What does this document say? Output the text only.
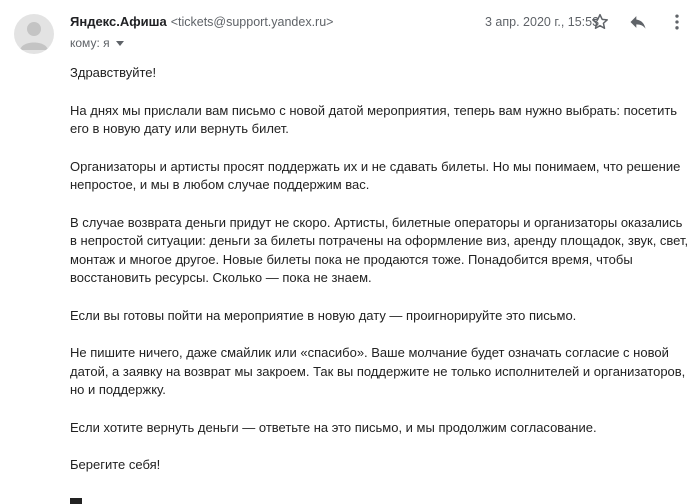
Яндекс.Афиша <tickets@support.yandex.ru>
кому: я
3 апр. 2020 г., 15:53

Здравствуйте!

На днях мы прислали вам письмо с новой датой мероприятия, теперь вам нужно выбрать: посетить его в новую дату или вернуть билет.

Организаторы и артисты просят поддержать их и не сдавать билеты. Но мы понимаем, что решение непростое, и мы в любом случае поддержим вас.

В случае возврата деньги придут не скоро. Артисты, билетные операторы и организаторы оказались в непростой ситуации: деньги за билеты потрачены на оформление виз, аренду площадок, звук, свет, монтаж и многое другое. Новые билеты пока не продаются тоже. Понадобится время, чтобы восстановить ресурсы. Сколько — пока не знаем.

Если вы готовы пойти на мероприятие в новую дату — проигнорируйте это письмо.

Не пишите ничего, даже смайлик или «спасибо». Ваше молчание будет означать согласие с новой датой, а заявку на возврат мы закроем. Так вы поддержите не только исполнителей и организаторов, но и поддержку.

Если хотите вернуть деньги — ответьте на это письмо, и мы продолжим согласование.

Берегите себя!
